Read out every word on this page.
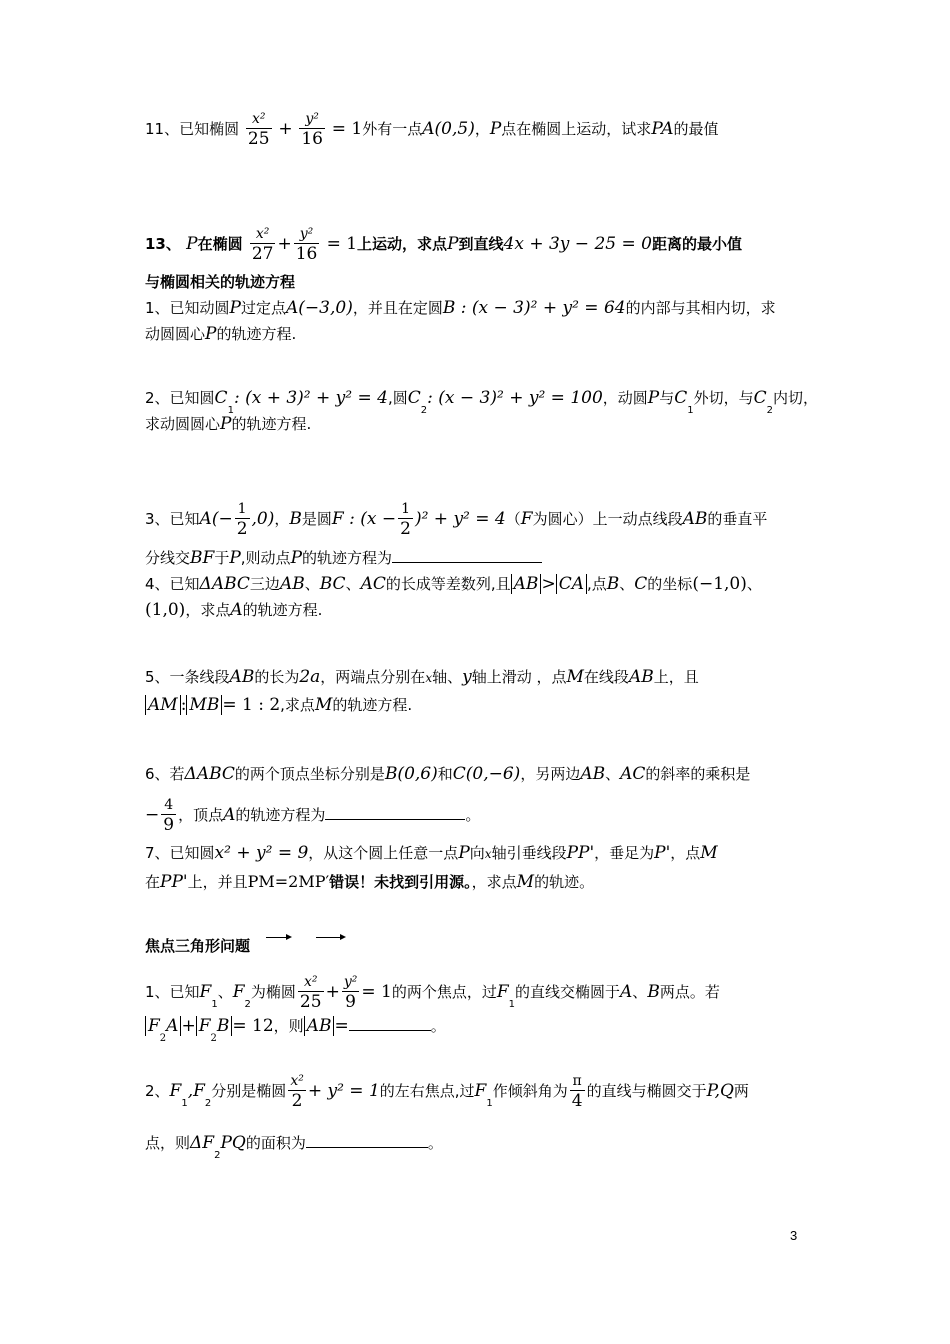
11、已知椭圆 $\frac{\text{x²}}{25} + \frac{\text{y²}}{16} = 1$外有一点A(0,5)，P点在椭圆上运动，试求PA的最值
13、 P在椭圆 $\frac{\text{x²}}{27} + \frac{\text{y²}}{16} = 1$上运动，求点P到直线4x + 3y − 25 = 0距离的最小值
与椭圆相关的轨迹方程
1、已知动圆P过定点A(−3,0)，并且在定圆B : (x − 3)² + y² = 64的内部与其相内切，求
动圆圆心P的轨迹方程.
2、已知圆$C_1$: (x + 3)² + y² = 4,圆$C_2$: (x − 3)² + y² = 100，动圆P与$C_1$外切，与$C_2$内切，
求动圆圆心P的轨迹方程.
3、已知$A(- \frac{1}{2} ,0)$，B是圆F : $(x - \frac{1}{2} )^2 + y^2 = 4(F$为圆心）上一动点线段AB的垂直平
分线交BF于P,则动点P的轨迹方程为
4、已知ΔABC三边AB、BC、AC的长成等差数列,且 AB > CA ,点B、C的坐标(−1,0)、
(1,0)，求点A的轨迹方程.
5、一条线段AB的长为2a，两端点分别在x轴、y轴上滑动 ，点M在线段AB上，且
AM : MB = 1 : 2,求点M的轨迹方程.
6、若ΔABC的两个顶点坐标分别是B(0,6)和C(0,−6)，另两边AB、AC的斜率的乘积是
− $\frac{4}{9}$ ，顶点A的轨迹方程为	。
7、已知圆x² + y² = 9，从这个圆上任意一点P向x轴引垂线段PP'，垂足为P'，点M
在PP'上，并且PM=2MP′错误！未找到引用源。，求点M的轨迹。
焦点三角形问题
1、已知$F_1$、$F_2$为椭圆 $\frac{\text{x²}}{25} + \frac{\text{y²}}{9} = 1$的两个焦点，过$F_1$的直线交椭圆于A、B两点。若
$F_2A + F_2B = 12$，则 AB =	。
2、$F_1,F_2$分别是椭圆 $\frac{\text{x²}}{2} + y^2 = 1$的左右焦点,过$F_1$作倾斜角为 $\frac{\pi}{4}$ 的直线与椭圆交于P,Q两
点，则$\Delta F_2PQ$的面积为	。
3
